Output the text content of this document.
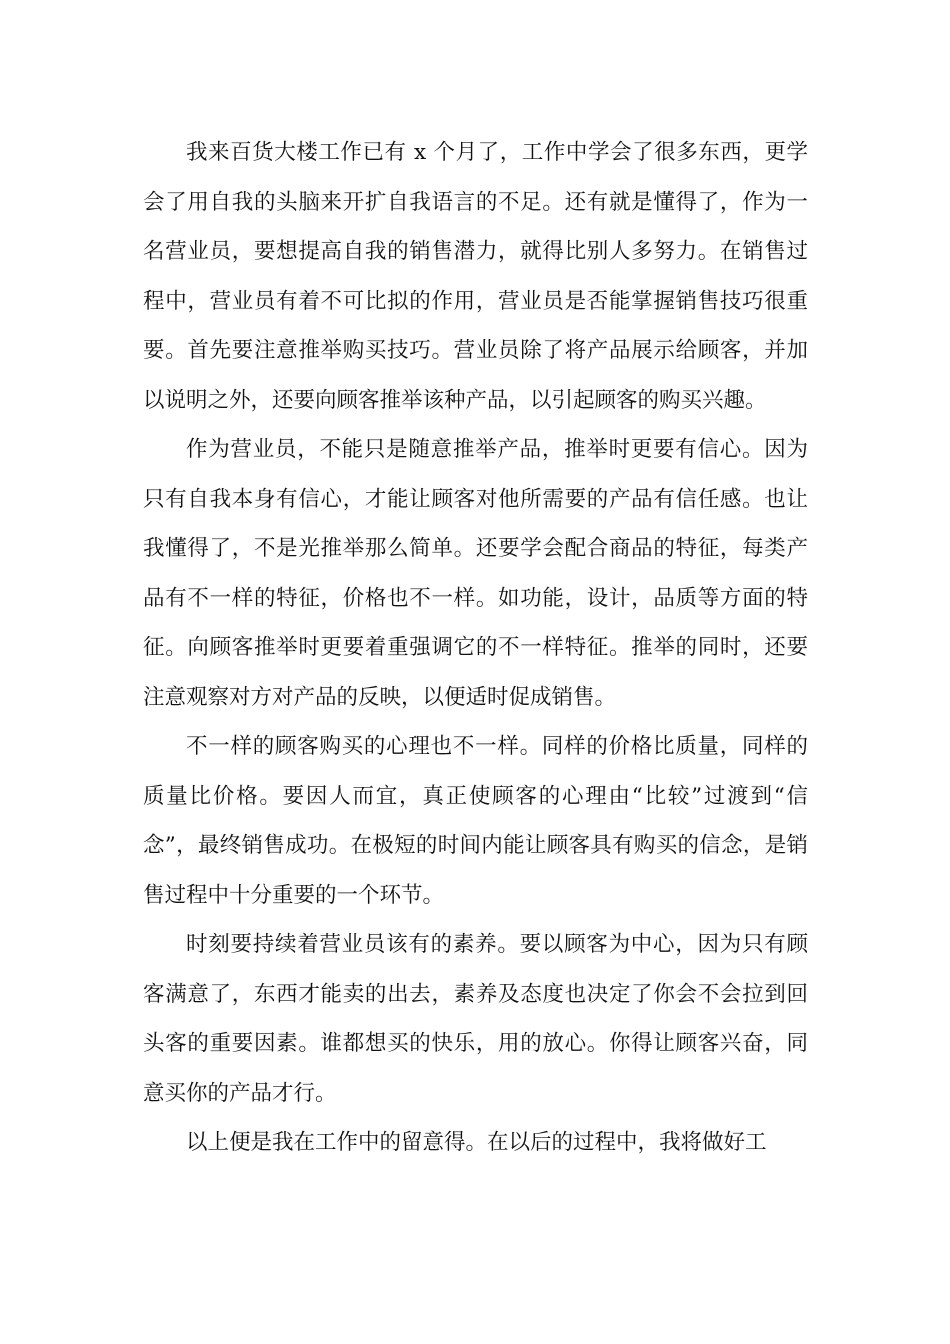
我来百货大楼工作已有 x 个月了，工作中学会了很多东西，更学会了用自我的头脑来开扩自我语言的不足。还有就是懂得了，作为一名营业员，要想提高自我的销售潜力，就得比别人多努力。在销售过程中，营业员有着不可比拟的作用，营业员是否能掌握销售技巧很重要。首先要注意推举购买技巧。营业员除了将产品展示给顾客，并加以说明之外，还要向顾客推举该种产品，以引起顾客的购买兴趣。

作为营业员，不能只是随意推举产品，推举时更要有信心。因为只有自我本身有信心，才能让顾客对他所需要的产品有信任感。也让我懂得了，不是光推举那么简单。还要学会配合商品的特征，每类产品有不一样的特征，价格也不一样。如功能，设计，品质等方面的特征。向顾客推举时更要着重强调它的不一样特征。推举的同时，还要注意观察对方对产品的反映，以便适时促成销售。

不一样的顾客购买的心理也不一样。同样的价格比质量，同样的质量比价格。要因人而宜，真正使顾客的心理由“比较”过渡到“信念”，最终销售成功。在极短的时间内能让顾客具有购买的信念，是销售过程中十分重要的一个环节。

时刻要持续着营业员该有的素养。要以顾客为中心，因为只有顾客满意了，东西才能卖的出去，素养及态度也决定了你会不会拉到回头客的重要因素。谁都想买的快乐，用的放心。你得让顾客兴奋，同意买你的产品才行。

以上便是我在工作中的留意得。在以后的过程中，我将做好工
